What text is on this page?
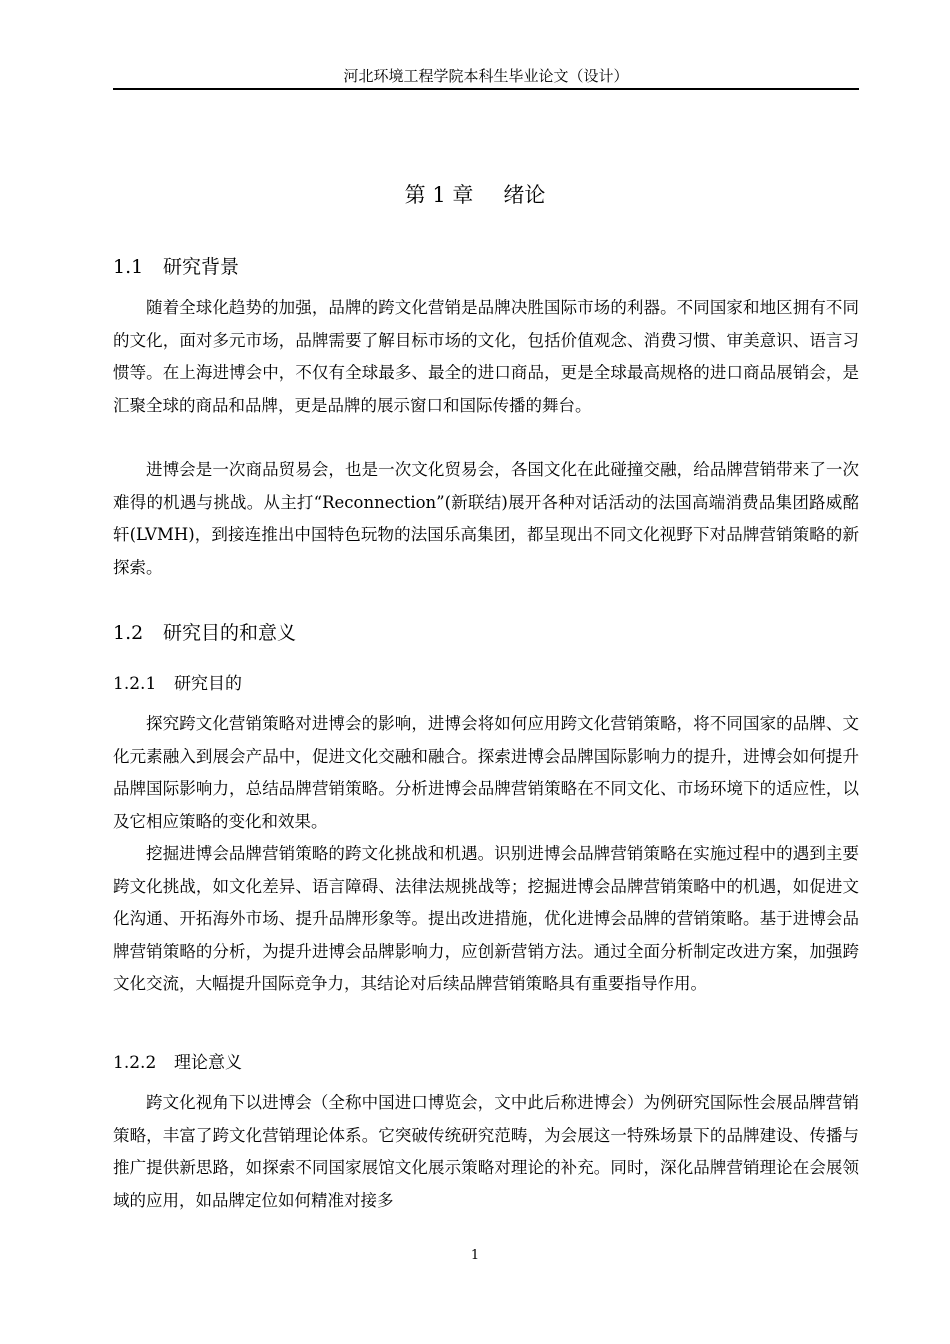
河北环境工程学院本科生毕业论文（设计）
第 1 章 绪论
1.1 研究背景

随着全球化趋势的加强，品牌的跨文化营销是品牌决胜国际市场的利器。不同国家和地区拥有不同的文化，面对多元市场，品牌需要了解目标市场的文化，包括价值观念、消费习惯、审美意识、语言习惯等。在上海进博会中，不仅有全球最多、最全的进口商品，更是全球最高规格的进口商品展销会，是汇聚全球的商品和品牌，更是品牌的展示窗口和国际传播的舞台。

进博会是一次商品贸易会，也是一次文化贸易会，各国文化在此碰撞交融，给品牌营销带来了一次难得的机遇与挑战。从主打“Reconnection”(新联结)展开各种对话活动的法国高端消费品集团路威酩轩(LVMH)，到接连推出中国特色玩物的法国乐高集团，都呈现出不同文化视野下对品牌营销策略的新探索。

1.2 研究目的和意义
1.2.1 研究目的

探究跨文化营销策略对进博会的影响，进博会将如何应用跨文化营销策略，将不同国家的品牌、文化元素融入到展会产品中，促进文化交融和融合。探索进博会品牌国际影响力的提升，进博会如何提升品牌国际影响力，总结品牌营销策略。分析进博会品牌营销策略在不同文化、市场环境下的适应性，以及它相应策略的变化和效果。

挖掘进博会品牌营销策略的跨文化挑战和机遇。识别进博会品牌营销策略在实施过程中的遇到主要跨文化挑战，如文化差异、语言障碍、法律法规挑战等；挖掘进博会品牌营销策略中的机遇，如促进文化沟通、开拓海外市场、提升品牌形象等。提出改进措施，优化进博会品牌的营销策略。基于进博会品牌营销策略的分析，为提升进博会品牌影响力，应创新营销方法。通过全面分析制定改进方案，加强跨文化交流，大幅提升国际竞争力，其结论对后续品牌营销策略具有重要指导作用。

1.2.2 理论意义

跨文化视角下以进博会（全称中国进口博览会，文中此后称进博会）为例研究国际性会展品牌营销策略，丰富了跨文化营销理论体系。它突破传统研究范畴，为会展这一特殊场景下的品牌建设、传播与推广提供新思路，如探索不同国家展馆文化展示策略对理论的补充。同时，深化品牌营销理论在会展领域的应用，如品牌定位如何精准对接多

1
